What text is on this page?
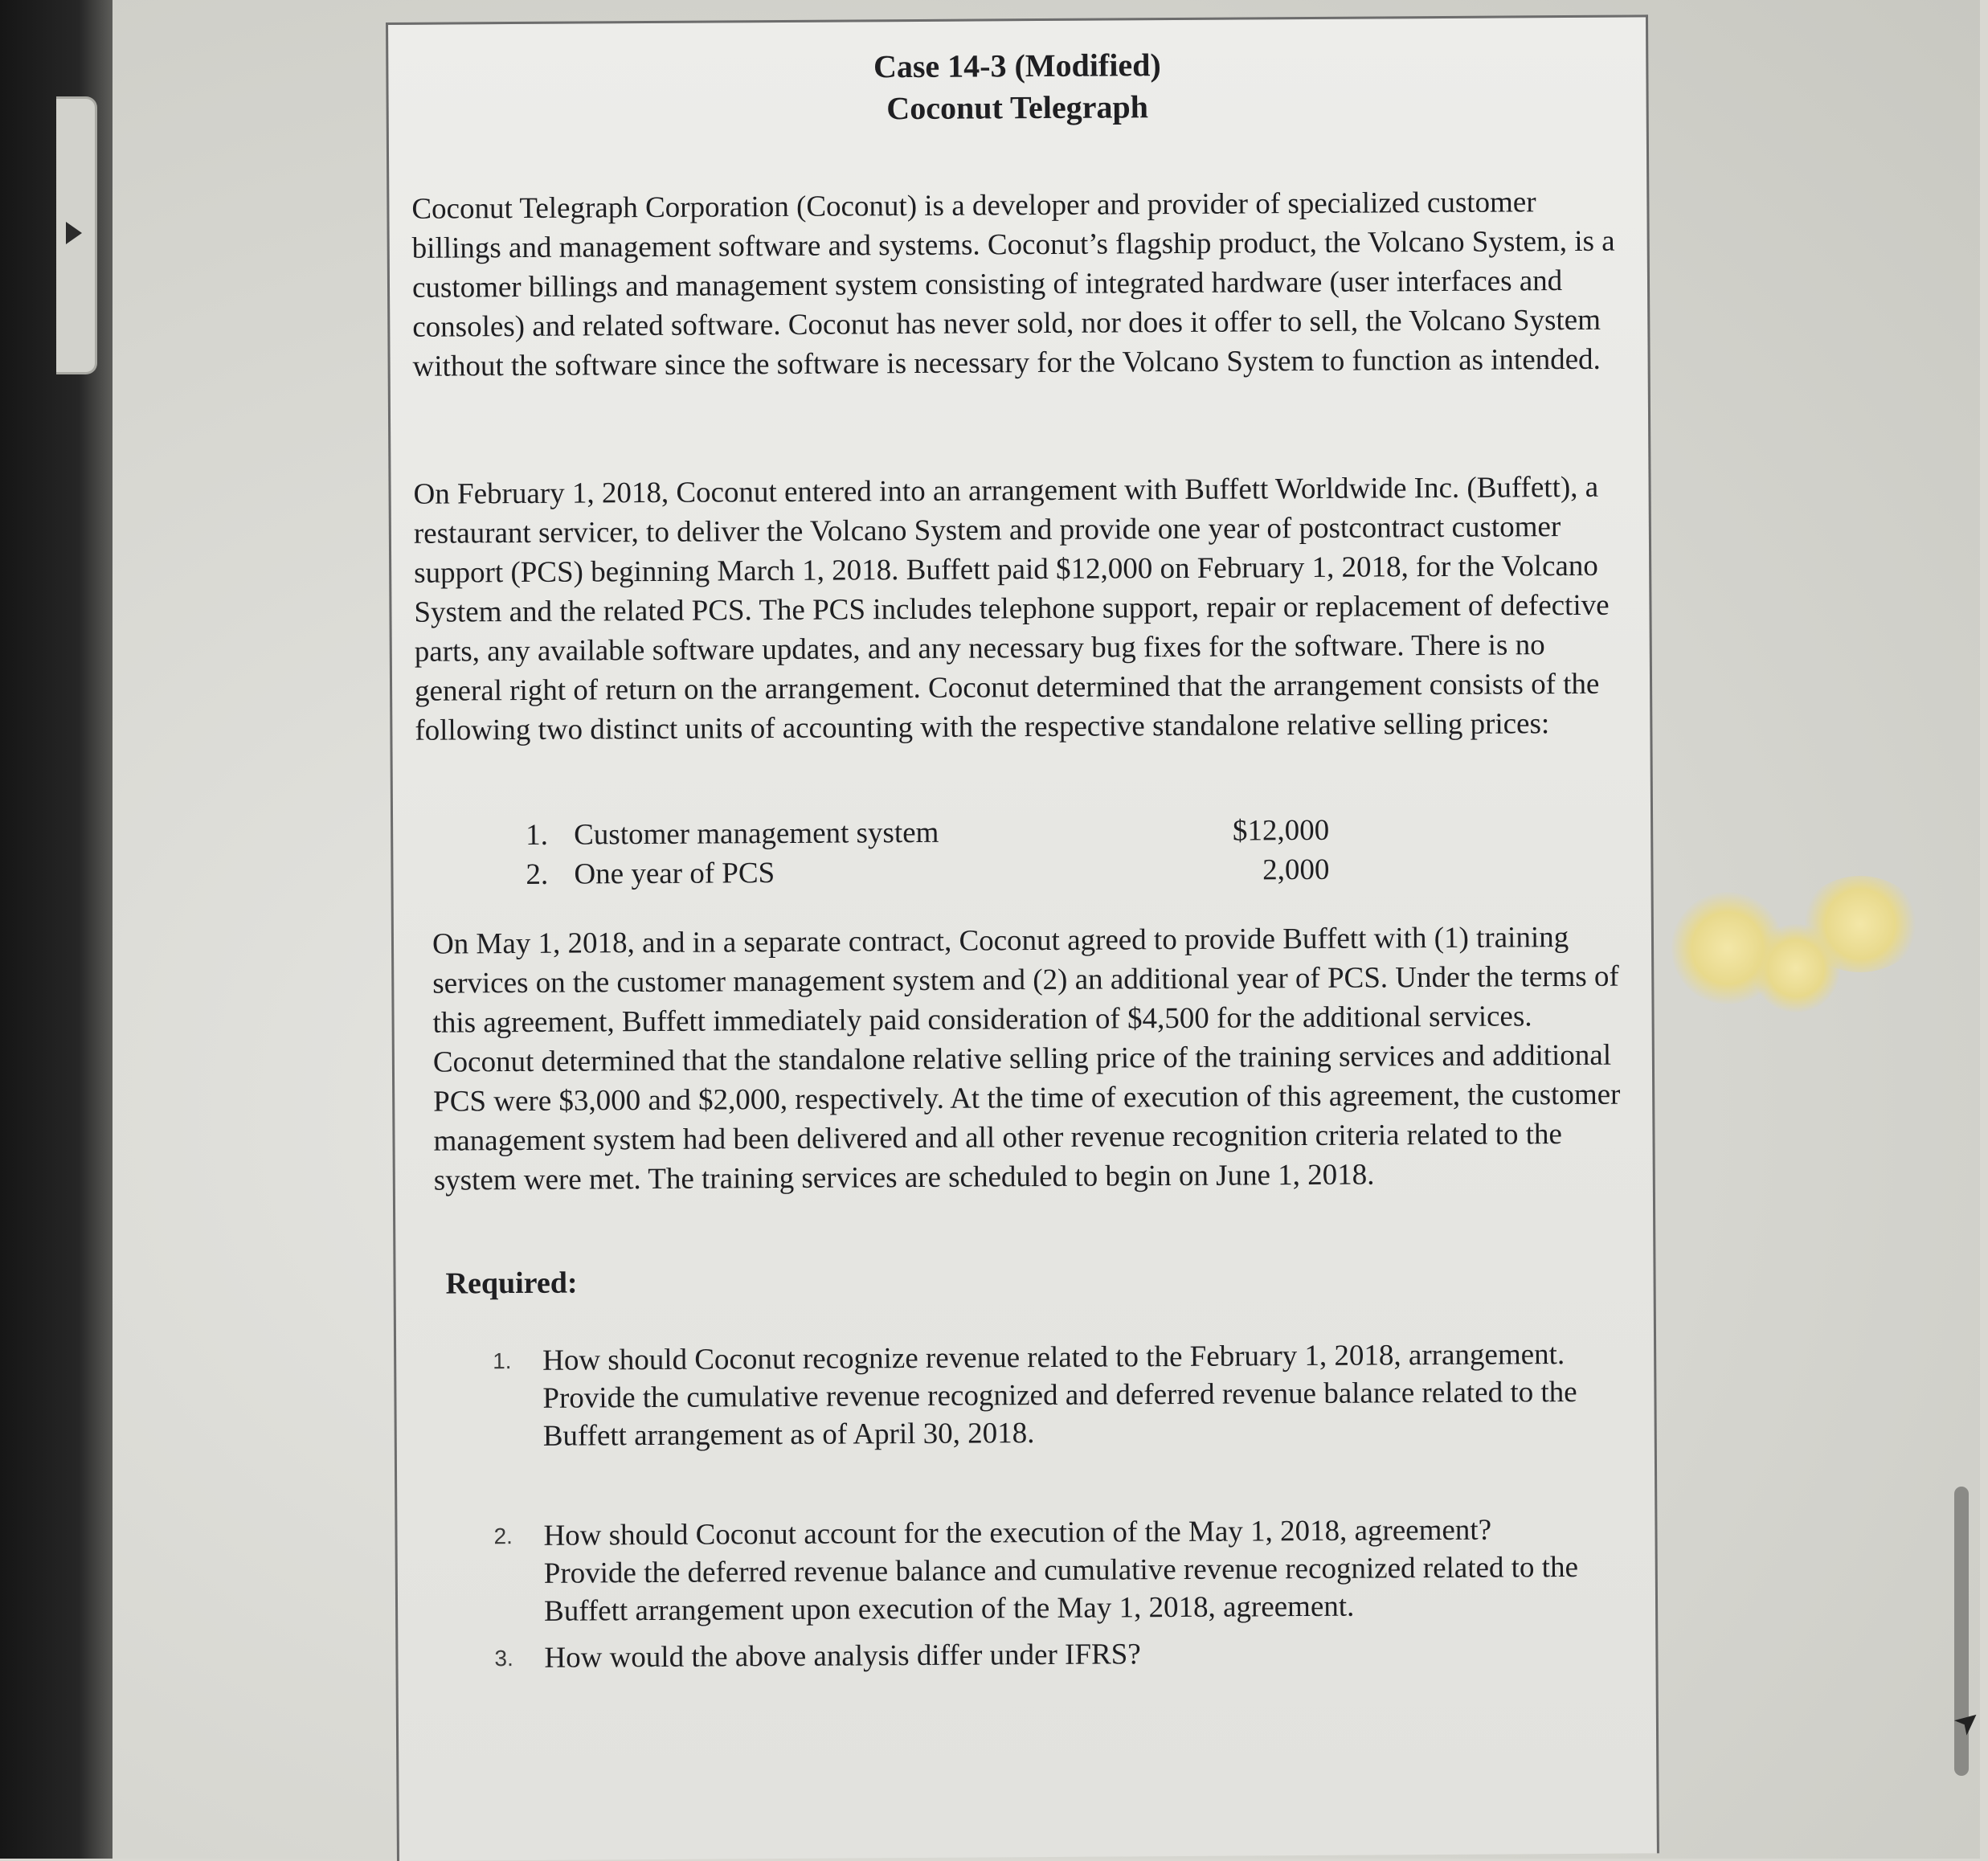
➤
Case 14-3 (Modified)
Coconut Telegraph
Coconut Telegraph Corporation (Coconut) is a developer and provider of specialized customer billings and management software and systems. Coconut’s flagship product, the Volcano System, is a customer billings and management system consisting of integrated hardware (user interfaces and consoles) and related software. Coconut has never sold, nor does it offer to sell, the Volcano System without the software since the software is necessary for the Volcano System to function as intended.
On February 1, 2018, Coconut entered into an arrangement with Buffett Worldwide Inc. (Buffett), a restaurant servicer, to deliver the Volcano System and provide one year of postcontract customer support (PCS) beginning March 1, 2018. Buffett paid $12,000 on February 1, 2018, for the Volcano System and the related PCS. The PCS includes telephone support, repair or replacement of defective parts, any available software updates, and any necessary bug fixes for the software. There is no general right of return on the arrangement. Coconut determined that the arrangement consists of the following two distinct units of accounting with the respective standalone relative selling prices:
1. Customer management system	$12,000
2. One year of PCS	2,000
On May 1, 2018, and in a separate contract, Coconut agreed to provide Buffett with (1) training services on the customer management system and (2) an additional year of PCS. Under the terms of this agreement, Buffett immediately paid consideration of $4,500 for the additional services. Coconut determined that the standalone relative selling price of the training services and additional PCS were $3,000 and $2,000, respectively. At the time of execution of this agreement, the customer management system had been delivered and all other revenue recognition criteria related to the system were met. The training services are scheduled to begin on June 1, 2018.
Required:
1. How should Coconut recognize revenue related to the February 1, 2018, arrangement. Provide the cumulative revenue recognized and deferred revenue balance related to the Buffett arrangement as of April 30, 2018.
2. How should Coconut account for the execution of the May 1, 2018, agreement? Provide the deferred revenue balance and cumulative revenue recognized related to the Buffett arrangement upon execution of the May 1, 2018, agreement.
3. How would the above analysis differ under IFRS?
